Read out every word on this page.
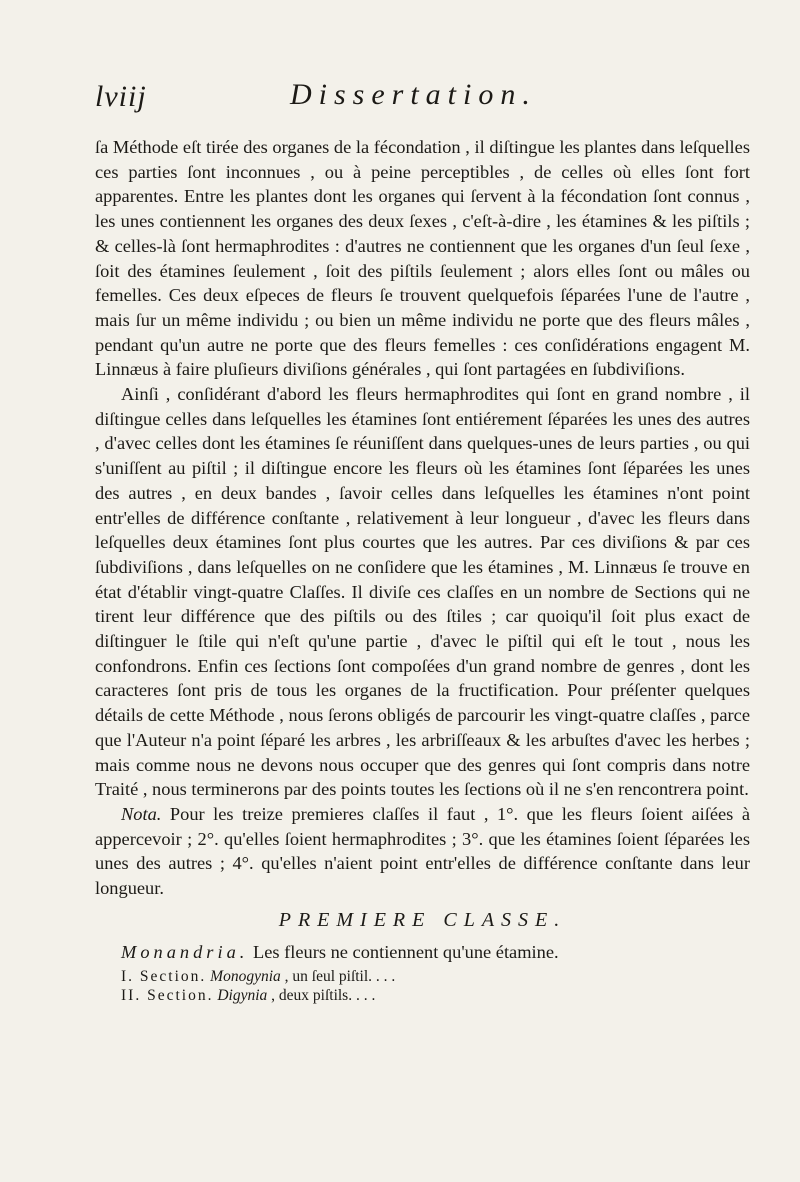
lviij	Dissertation.

ſa Méthode eſt tirée des organes de la fécondation , il diſtingue les plantes dans leſquelles ces parties ſont inconnues , ou à peine perceptibles , de celles où elles ſont fort apparentes. Entre les plantes dont les organes qui ſervent à la fécondation ſont connus , les unes contiennent les organes des deux ſexes , c'eſt-à-dire , les étamines & les piſtils ; & celles-là ſont hermaphrodites : d'autres ne contiennent que les organes d'un ſeul ſexe , ſoit des étamines ſeulement , ſoit des piſtils ſeulement ; alors elles ſont ou mâles ou femelles. Ces deux eſpeces de fleurs ſe trouvent quelquefois ſéparées l'une de l'autre , mais ſur un même individu ; ou bien un même individu ne porte que des fleurs mâles , pendant qu'un autre ne porte que des fleurs femelles : ces conſidérations engagent M. Linnæus à faire pluſieurs diviſions générales , qui ſont partagées en ſubdiviſions.

Ainſi , conſidérant d'abord les fleurs hermaphrodites qui ſont en grand nombre , il diſtingue celles dans leſquelles les étamines ſont entiérement ſéparées les unes des autres , d'avec celles dont les étamines ſe réuniſſent dans quelques-unes de leurs parties , ou qui s'uniſſent au piſtil ; il diſtingue encore les fleurs où les étamines ſont ſéparées les unes des autres , en deux bandes , ſavoir celles dans leſquelles les étamines n'ont point entr'elles de différence conſtante , relativement à leur longueur , d'avec les fleurs dans leſquelles deux étamines ſont plus courtes que les autres. Par ces diviſions & par ces ſubdiviſions , dans leſquelles on ne conſidere que les étamines , M. Linnæus ſe trouve en état d'établir vingt-quatre Claſſes. Il diviſe ces claſſes en un nombre de Sections qui ne tirent leur différence que des piſtils ou des ſtiles ; car quoiqu'il ſoit plus exact de diſtinguer le ſtile qui n'eſt qu'une partie , d'avec le piſtil qui eſt le tout , nous les confondrons. Enfin ces ſections ſont compoſées d'un grand nombre de genres , dont les caracteres ſont pris de tous les organes de la fructification. Pour préſenter quelques détails de cette Méthode , nous ſerons obligés de parcourir les vingt-quatre claſſes , parce que l'Auteur n'a point ſéparé les arbres , les arbriſſeaux & les arbuſtes d'avec les herbes ; mais comme nous ne devons nous occuper que des genres qui ſont compris dans notre Traité , nous terminerons par des points toutes les ſections où il ne s'en rencontrera point.

Nota. Pour les treize premieres claſſes il faut , 1°. que les fleurs ſoient aiſées à appercevoir ; 2°. qu'elles ſoient hermaphrodites ; 3°. que les étamines ſoient ſéparées les unes des autres ; 4°. qu'elles n'aient point entr'elles de différence conſtante dans leur longueur.

PREMIERE CLASSE.

Monandria. Les fleurs ne contiennent qu'une étamine.

I. Section. Monogynia , un ſeul piſtil. . . .

II. Section. Digynia , deux piſtils. . . .
